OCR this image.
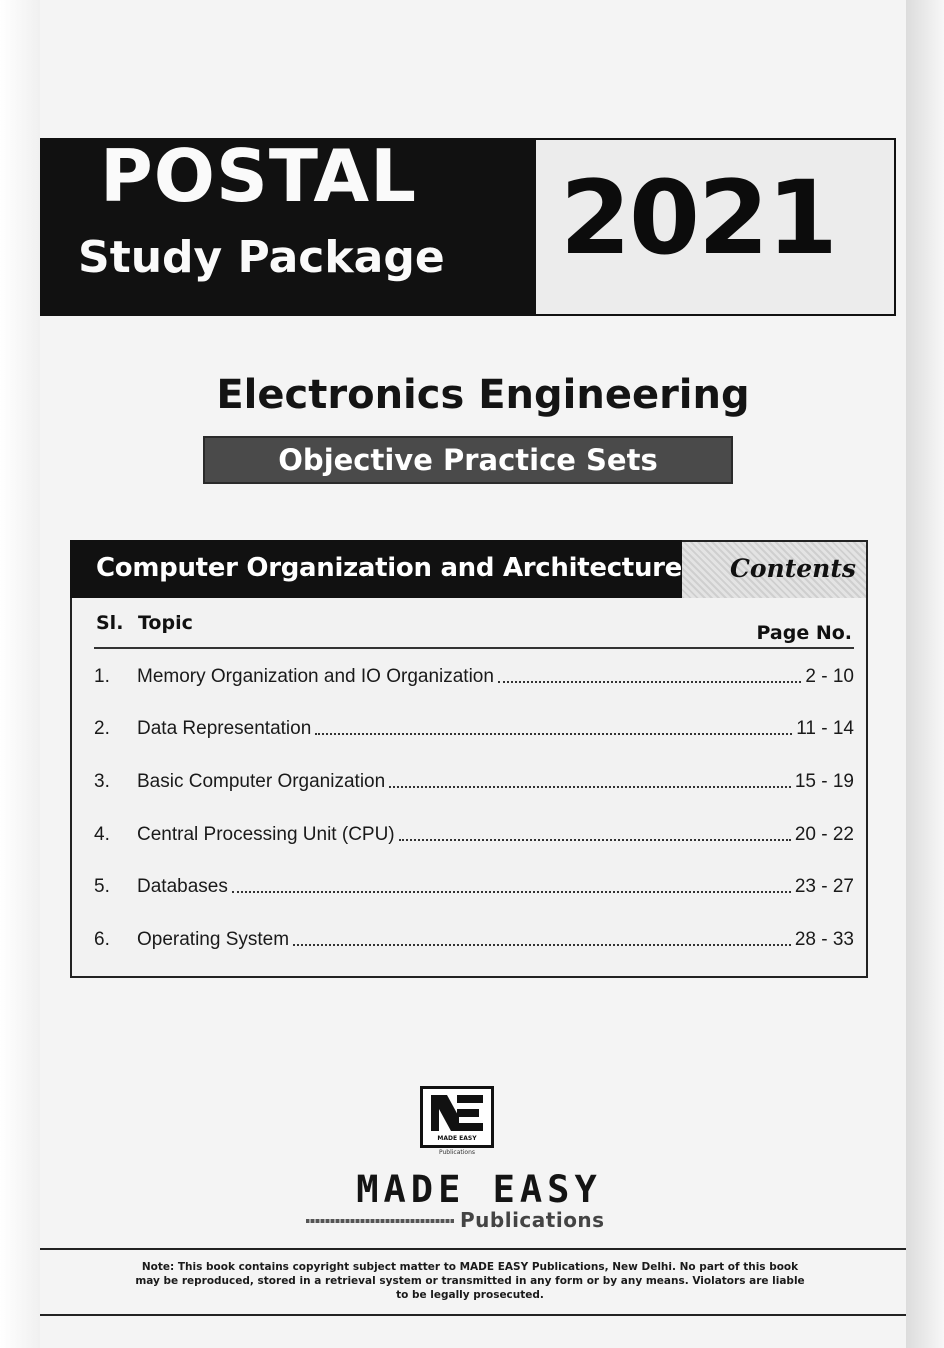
POSTAL
Study Package 2021
Electronics Engineering
Objective Practice Sets
Computer Organization and Architecture	Contents
Sl. Topic	Page No.
1.	Memory Organization and IO Organization	2 - 10
2.	Data Representation	11 - 14
3.	Basic Computer Organization	15 - 19
4.	Central Processing Unit (CPU)	20 - 22
5.	Databases	23 - 27
6.	Operating System	28 - 33
MADE EASY
Publications
MADE EASY
Publications
Note: This book contains copyright subject matter to MADE EASY Publications, New Delhi. No part of this book may be reproduced, stored in a retrieval system or transmitted in any form or by any means. Violators are liable to be legally prosecuted.
